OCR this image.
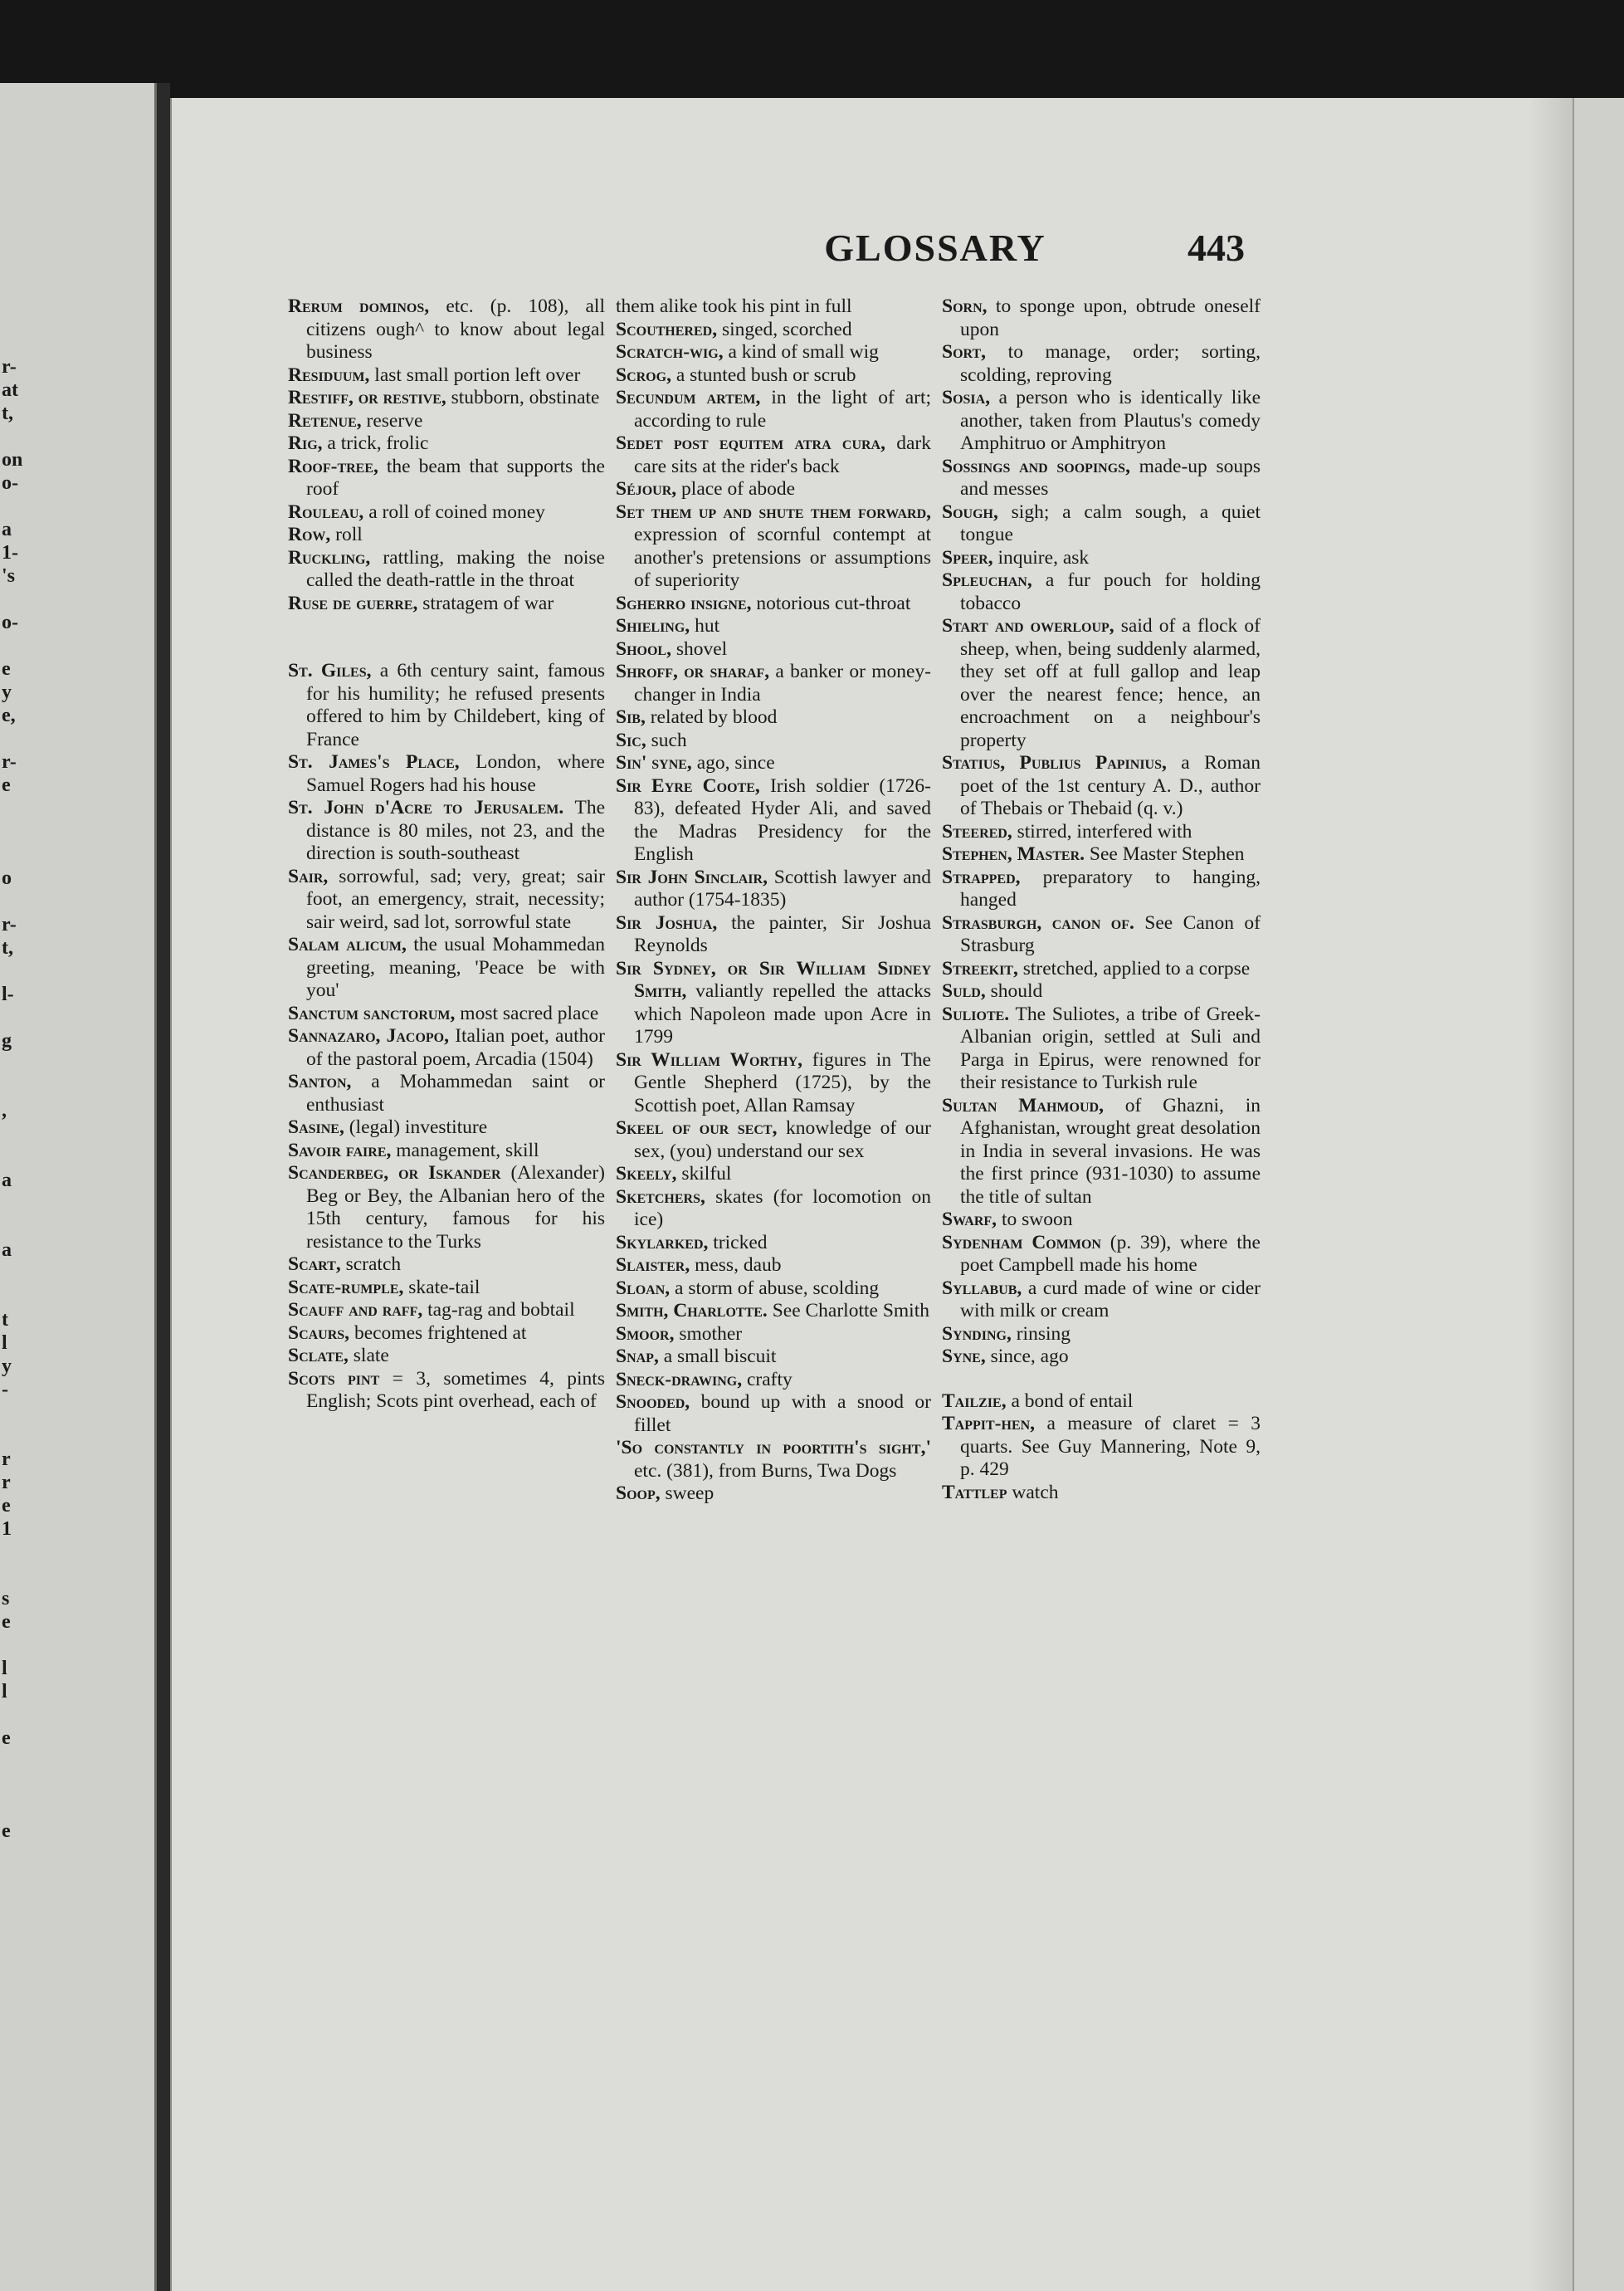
r-
at
t,
on
o-
a
1-
's
o-
e
y
e,
r-
e
o
r-
t,
l-
g
,
a
a
t
l
y
-
r
r
e
1
s
e
l
l
e
e
GLOSSARY	443

Rerum dominos, etc. (p. 108), all citizens ough^ to know about legal business

Residuum, last small portion left over

Restiff, or restive, stubborn, obstinate

Retenue, reserve

Rig, a trick, frolic

Roof-tree, the beam that supports the roof

Rouleau, a roll of coined money

Row, roll

Ruckling, rattling, making the noise called the death-rattle in the throat

Ruse de guerre, stratagem of war

St. Giles, a 6th century saint, famous for his humility; he refused presents offered to him by Childebert, king of France

St. James's Place, London, where Samuel Rogers had his house

St. John d'Acre to Jerusalem. The distance is 80 miles, not 23, and the direction is south-southeast

Sair, sorrowful, sad; very, great; sair foot, an emergency, strait, necessity; sair weird, sad lot, sorrowful state

Salam alicum, the usual Mohammedan greeting, meaning, 'Peace be with you'

Sanctum sanctorum, most sacred place

Sannazaro, Jacopo, Italian poet, author of the pastoral poem, Arcadia (1504)

Santon, a Mohammedan saint or enthusiast

Sasine, (legal) investiture

Savoir faire, management, skill

Scanderbeg, or Iskander (Alexander) Beg or Bey, the Albanian hero of the 15th century, famous for his resistance to the Turks

Scart, scratch

Scate-rumple, skate-tail

Scauff and raff, tag-rag and bobtail

Scaurs, becomes frightened at

Sclate, slate

Scots pint = 3, sometimes 4, pints English; Scots pint overhead, each of

them alike took his pint in full

Scouthered, singed, scorched

Scratch-wig, a kind of small wig

Scrog, a stunted bush or scrub

Secundum artem, in the light of art; according to rule

Sedet post equitem atra cura, dark care sits at the rider's back

Séjour, place of abode

Set them up and shute them forward, expression of scornful contempt at another's pretensions or assumptions of superiority

Sgherro insigne, notorious cut-throat

Shieling, hut

Shool, shovel

Shroff, or sharaf, a banker or money-changer in India

Sib, related by blood

Sic, such

Sin' syne, ago, since

Sir Eyre Coote, Irish soldier (1726-83), defeated Hyder Ali, and saved the Madras Presidency for the English

Sir John Sinclair, Scottish lawyer and author (1754-1835)

Sir Joshua, the painter, Sir Joshua Reynolds

Sir Sydney, or Sir William Sidney Smith, valiantly repelled the attacks which Napoleon made upon Acre in 1799

Sir William Worthy, figures in The Gentle Shepherd (1725), by the Scottish poet, Allan Ramsay

Skeel of our sect, knowledge of our sex, (you) understand our sex

Skeely, skilful

Sketchers, skates (for locomotion on ice)

Skylarked, tricked

Slaister, mess, daub

Sloan, a storm of abuse, scolding

Smith, Charlotte. See Charlotte Smith

Smoor, smother

Snap, a small biscuit

Sneck-drawing, crafty

Snooded, bound up with a snood or fillet

'So constantly in poortith's sight,' etc. (381), from Burns, Twa Dogs

Soop, sweep

Sorn, to sponge upon, obtrude oneself upon

Sort, to manage, order; sorting, scolding, reproving

Sosia, a person who is identically like another, taken from Plautus's comedy Amphitruo or Amphitryon

Sossings and soopings, made-up soups and messes

Sough, sigh; a calm sough, a quiet tongue

Speer, inquire, ask

Spleuchan, a fur pouch for holding tobacco

Start and owerloup, said of a flock of sheep, when, being suddenly alarmed, they set off at full gallop and leap over the nearest fence; hence, an encroachment on a neighbour's property

Statius, Publius Papinius, a Roman poet of the 1st century A. D., author of Thebais or Thebaid (q. v.)

Steered, stirred, interfered with

Stephen, Master. See Master Stephen

Strapped, preparatory to hanging, hanged

Strasburgh, canon of. See Canon of Strasburg

Streekit, stretched, applied to a corpse

Suld, should

Suliote. The Suliotes, a tribe of Greek-Albanian origin, settled at Suli and Parga in Epirus, were renowned for their resistance to Turkish rule

Sultan Mahmoud, of Ghazni, in Afghanistan, wrought great desolation in India in several invasions. He was the first prince (931-1030) to assume the title of sultan

Swarf, to swoon

Sydenham Common (p. 39), where the poet Campbell made his home

Syllabub, a curd made of wine or cider with milk or cream

Synding, rinsing

Syne, since, ago

Tailzie, a bond of entail

Tappit-hen, a measure of claret = 3 quarts. See Guy Mannering, Note 9, p. 429

Tattlep watch
